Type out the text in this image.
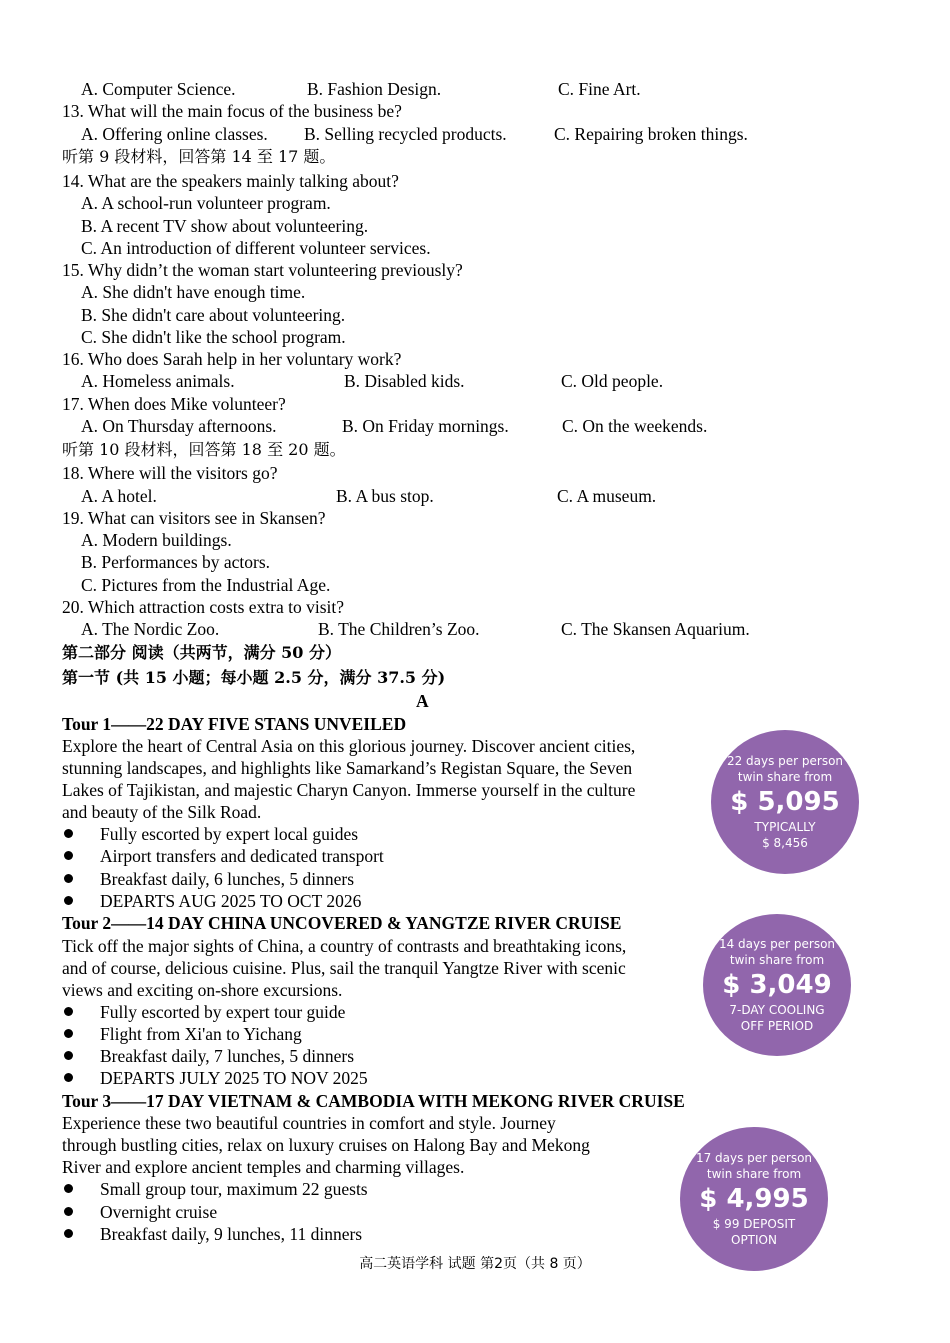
A. Computer Science.	B. Fashion Design.	C. Fine Art.
13. What will the main focus of the business be?
A. Offering online classes. B. Selling recycled products.	C. Repairing broken things.
听第 9 段材料，回答第 14 至 17 题。
14. What are the speakers mainly talking about?
A. A school-run volunteer program.
B. A recent TV show about volunteering.
C. An introduction of different volunteer services.
15. Why didn’t the woman start volunteering previously?
A. She didn't have enough time.
B. She didn't care about volunteering.
C. She didn't like the school program.
16. Who does Sarah help in her voluntary work?
A. Homeless animals.	B. Disabled kids.	C. Old people.
17. When does Mike volunteer?
A. On Thursday afternoons.	B. On Friday mornings.	C. On the weekends.
听第 10 段材料，回答第 18 至 20 题。
18. Where will the visitors go?
A. A hotel.	B. A bus stop.	C. A museum.
19. What can visitors see in Skansen?
A. Modern buildings.
B. Performances by actors.
C. Pictures from the Industrial Age.
20. Which attraction costs extra to visit?
A. The Nordic Zoo.	B. The Children’s Zoo.	C. The Skansen Aquarium.
第二部分 阅读（共两节，满分 50 分）
第一节 (共 15 小题；每小题 2.5 分，满分 37.5 分)
A
Tour 1——22 DAY FIVE STANS UNVEILED
Explore the heart of Central Asia on this glorious journey. Discover ancient cities,
stunning landscapes, and highlights like Samarkand’s Registan Square, the Seven
Lakes of Tajikistan, and majestic Charyn Canyon. Immerse yourself in the culture
and beauty of the Silk Road.
Fully escorted by expert local guides
Airport transfers and dedicated transport
Breakfast daily, 6 lunches, 5 dinners
DEPARTS AUG 2025 TO OCT 2026
22 days per person
twin share from
$ 5,095
TYPICALLY
$ 8,456
Tour 2——14 DAY CHINA UNCOVERED & YANGTZE RIVER CRUISE
Tick off the major sights of China, a country of contrasts and breathtaking icons,
and of course, delicious cuisine. Plus, sail the tranquil Yangtze River with scenic
views and exciting on-shore excursions.
Fully escorted by expert tour guide
Flight from Xi'an to Yichang
Breakfast daily, 7 lunches, 5 dinners
DEPARTS JULY 2025 TO NOV 2025
14 days per person
twin share from
$ 3,049
7-DAY COOLING
OFF PERIOD
Tour 3——17 DAY VIETNAM & CAMBODIA WITH MEKONG RIVER CRUISE
Experience these two beautiful countries in comfort and style. Journey
through bustling cities, relax on luxury cruises on Halong Bay and Mekong
River and explore ancient temples and charming villages.
Small group tour, maximum 22 guests
Overnight cruise
Breakfast daily, 9 lunches, 11 dinners
17 days per person
twin share from
$ 4,995
$ 99 DEPOSIT
OPTION
高二英语学科 试题 第2页（共 8 页）
